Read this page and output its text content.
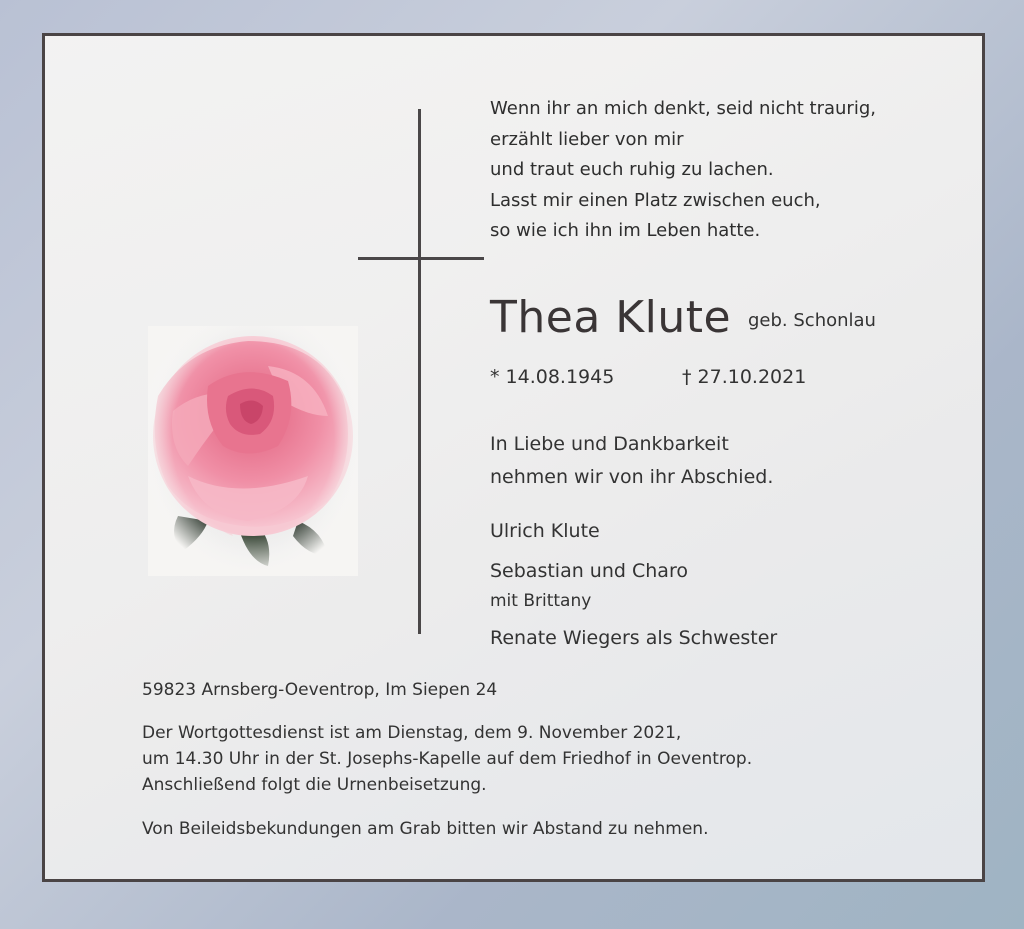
Wenn ihr an mich denkt, seid nicht traurig,
erzählt lieber von mir
und traut euch ruhig zu lachen.
Lasst mir einen Platz zwischen euch,
so wie ich ihn im Leben hatte.
Thea Klute geb. Schonlau
* 14.08.1945	† 27.10.2021
In Liebe und Dankbarkeit
nehmen wir von ihr Abschied.
Ulrich Klute
Sebastian und Charo
mit Brittany
Renate Wiegers als Schwester
59823 Arnsberg-Oeventrop, Im Siepen 24
Der Wortgottesdienst ist am Dienstag, dem 9. November 2021,
um 14.30 Uhr in der St. Josephs-Kapelle auf dem Friedhof in Oeventrop.
Anschließend folgt die Urnenbeisetzung.
Von Beileidsbekundungen am Grab bitten wir Abstand zu nehmen.
